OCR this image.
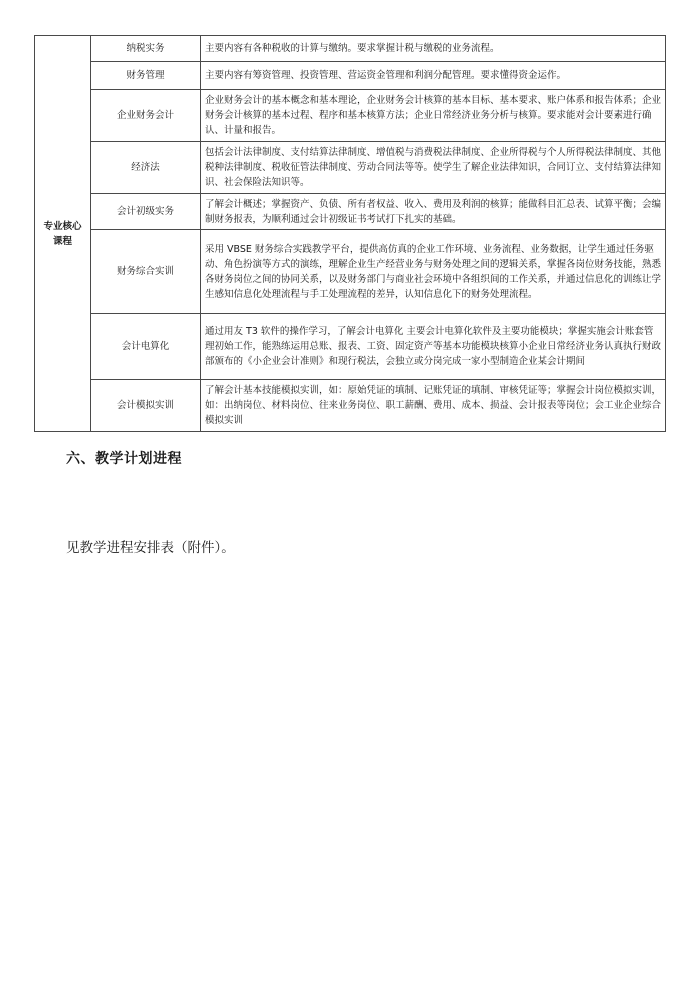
专业核心课程	纳税实务	主要内容有各种税收的计算与缴纳。要求掌握计税与缴税的业务流程。
	财务管理	主要内容有筹资管理、投资管理、营运资金管理和利润分配管理。要求懂得资金运作。
	企业财务会计	企业财务会计的基本概念和基本理论，企业财务会计核算的基本目标、基本要求、账户体系和报告体系；企业财务会计核算的基本过程、程序和基本核算方法；企业日常经济业务分析与核算。要求能对会计要素进行确认、计量和报告。
	经济法	包括会计法律制度、支付结算法律制度、增值税与消费税法律制度、企业所得税与个人所得税法律制度、其他税种法律制度、税收征管法律制度、劳动合同法等等。使学生了解企业法律知识，合同订立、支付结算法律知识、社会保险法知识等。
	会计初级实务	了解会计概述；掌握资产、负债、所有者权益、收入、费用及利润的核算；能做科目汇总表、试算平衡；会编制财务报表，为顺利通过会计初级证书考试打下扎实的基础。
	财务综合实训	采用 VBSE 财务综合实践教学平台，提供高仿真的企业工作环境、业务流程、业务数据，让学生通过任务驱动、角色扮演等方式的演练，理解企业生产经营业务与财务处理之间的逻辑关系，掌握各岗位财务技能，熟悉各财务岗位之间的协同关系，以及财务部门与商业社会环境中各组织间的工作关系，并通过信息化的训练让学生感知信息化处理流程与手工处理流程的差异，认知信息化下的财务处理流程。
	会计电算化	通过用友 T3 软件的操作学习，了解会计电算化 主要会计电算化软件及主要功能模块；掌握实施会计账套管理初始工作，能熟练运用总账、报表、工资、固定资产等基本功能模块核算小企业日常经济业务认真执行财政部颁布的《小企业会计准则》和现行税法，会独立或分岗完成一家小型制造企业某会计期间
	会计模拟实训	了解会计基本技能模拟实训，如：原始凭证的填制、记账凭证的填制、审核凭证等；掌握会计岗位模拟实训，如：出纳岗位、材料岗位、往来业务岗位、职工薪酬、费用、成本、损益、会计报表等岗位；会工业企业综合模拟实训
六、教学计划进程

见教学进程安排表（附件）。
